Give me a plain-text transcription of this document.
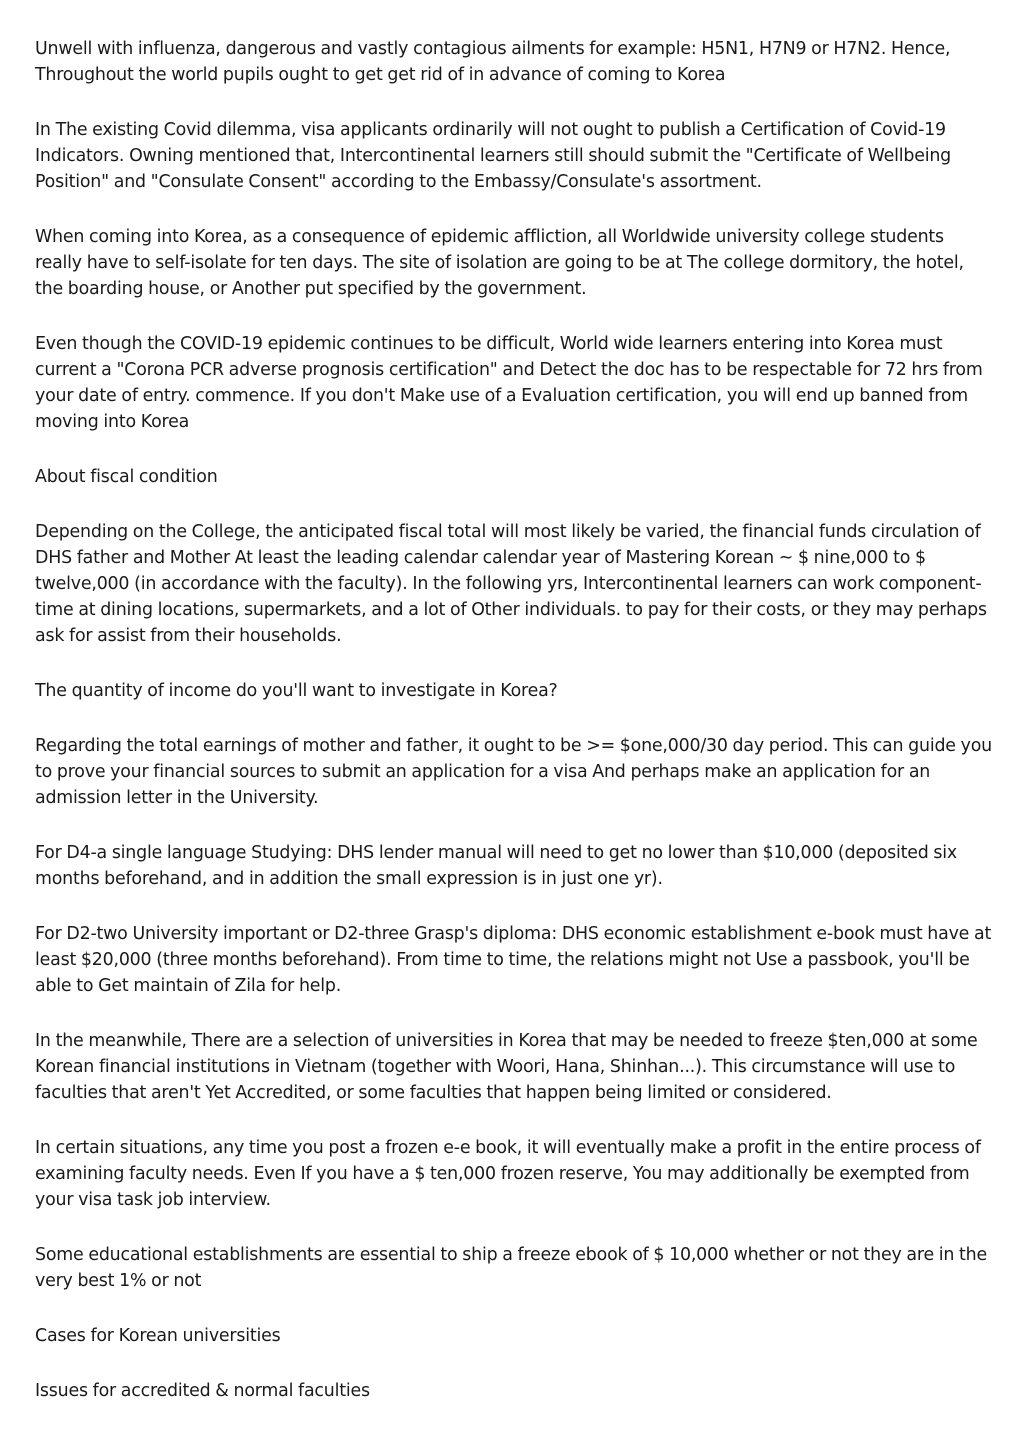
Unwell with influenza, dangerous and vastly contagious ailments for example: H5N1, H7N9 or H7N2. Hence, Throughout the world pupils ought to get get rid of in advance of coming to Korea

In The existing Covid dilemma, visa applicants ordinarily will not ought to publish a Certification of Covid-19 Indicators. Owning mentioned that, Intercontinental learners still should submit the "Certificate of Wellbeing Position" and "Consulate Consent" according to the Embassy/Consulate's assortment.

When coming into Korea, as a consequence of epidemic affliction, all Worldwide university college students really have to self-isolate for ten days. The site of isolation are going to be at The college dormitory, the hotel, the boarding house, or Another put specified by the government.

Even though the COVID-19 epidemic continues to be difficult, World wide learners entering into Korea must current a "Corona PCR adverse prognosis certification" and Detect the doc has to be respectable for 72 hrs from your date of entry. commence. If you don't Make use of a Evaluation certification, you will end up banned from moving into Korea

About fiscal condition

Depending on the College, the anticipated fiscal total will most likely be varied, the financial funds circulation of DHS father and Mother At least the leading calendar calendar year of Mastering Korean ~ $ nine,000 to $ twelve,000 (in accordance with the faculty). In the following yrs, Intercontinental learners can work component-time at dining locations, supermarkets, and a lot of Other individuals. to pay for their costs, or they may perhaps ask for assist from their households.

The quantity of income do you'll want to investigate in Korea?

Regarding the total earnings of mother and father, it ought to be >= $one,000/30 day period. This can guide you to prove your financial sources to submit an application for a visa And perhaps make an application for an admission letter in the University.

For D4-a single language Studying: DHS lender manual will need to get no lower than $10,000 (deposited six months beforehand, and in addition the small expression is in just one yr).

For D2-two University important or D2-three Grasp's diploma: DHS economic establishment e-book must have at least $20,000 (three months beforehand). From time to time, the relations might not Use a passbook, you'll be able to Get maintain of Zila for help.

In the meanwhile, There are a selection of universities in Korea that may be needed to freeze $ten,000 at some Korean financial institutions in Vietnam (together with Woori, Hana, Shinhan...). This circumstance will use to faculties that aren't Yet Accredited, or some faculties that happen being limited or considered.

In certain situations, any time you post a frozen e-e book, it will eventually make a profit in the entire process of examining faculty needs. Even If you have a $ ten,000 frozen reserve, You may additionally be exempted from your visa task job interview.

Some educational establishments are essential to ship a freeze ebook of $ 10,000 whether or not they are in the very best 1% or not

Cases for Korean universities

Issues for accredited & normal faculties
